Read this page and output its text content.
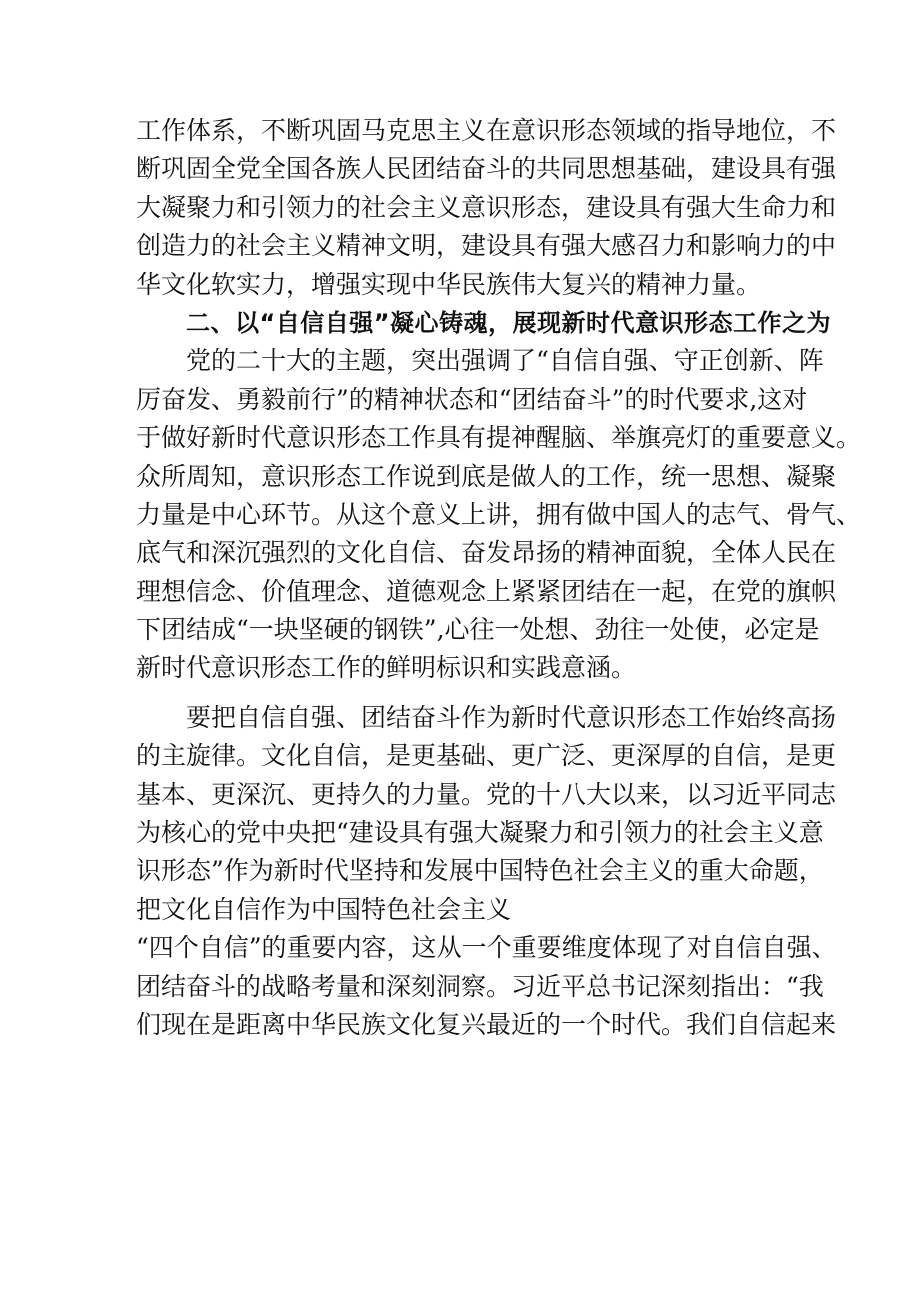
工作体系，不断巩固马克思主义在意识形态领域的指导地位，不
断巩固全党全国各族人民团结奋斗的共同思想基础，建设具有强
大凝聚力和引领力的社会主义意识形态，建设具有强大生命力和
创造力的社会主义精神文明，建设具有强大感召力和影响力的中
华文化软实力，增强实现中华民族伟大复兴的精神力量。
二、以“自信自强”凝心铸魂，展现新时代意识形态工作之为
党的二十大的主题，突出强调了“自信自强、守正创新、阵
厉奋发、勇毅前行”的精神状态和“团结奋斗”的时代要求,这对
于做好新时代意识形态工作具有提神醒脑、举旗亮灯的重要意义。
众所周知，意识形态工作说到底是做人的工作，统一思想、凝聚
力量是中心环节。从这个意义上讲，拥有做中国人的志气、骨气、
底气和深沉强烈的文化自信、奋发昂扬的精神面貌，全体人民在
理想信念、价值理念、道德观念上紧紧团结在一起，在党的旗帜
下团结成“一块坚硬的钢铁”,心往一处想、劲往一处使，必定是
新时代意识形态工作的鲜明标识和实践意涵。
要把自信自强、团结奋斗作为新时代意识形态工作始终高扬
的主旋律。文化自信，是更基础、更广泛、更深厚的自信，是更
基本、更深沉、更持久的力量。党的十八大以来，以习近平同志
为核心的党中央把“建设具有强大凝聚力和引领力的社会主义意
识形态”作为新时代坚持和发展中国特色社会主义的重大命题，
把文化自信作为中国特色社会主义
“四个自信”的重要内容，这从一个重要维度体现了对自信自强、
团结奋斗的战略考量和深刻洞察。习近平总书记深刻指出：“我
们现在是距离中华民族文化复兴最近的一个时代。我们自信起来
